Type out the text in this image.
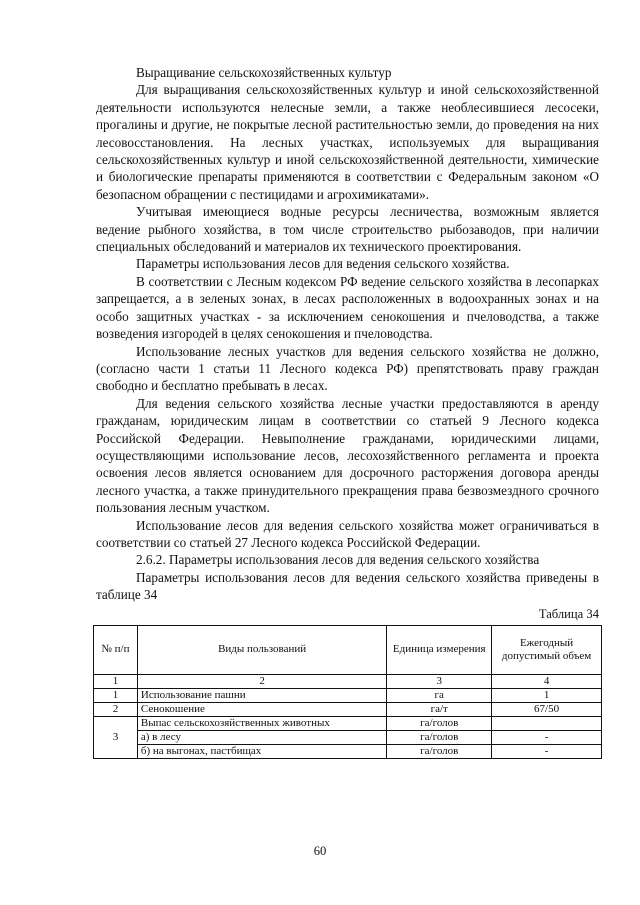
Выращивание сельскохозяйственных культур

Для выращивания сельскохозяйственных культур и иной сельскохозяйственной деятельности используются нелесные земли, а также необлесившиеся лесосеки, прогалины и другие, не покрытые лесной растительностью земли, до проведения на них лесовосстановления. На лесных участках, используемых для выращивания сельскохозяйственных культур и иной сельскохозяйственной деятельности, химические и биологические препараты применяются в соответствии с Федеральным законом «О безопасном обращении с пестицидами и агрохимикатами».

Учитывая имеющиеся водные ресурсы лесничества, возможным является ведение рыбного хозяйства, в том числе строительство рыбозаводов, при наличии специальных обследований и материалов их технического проектирования.

Параметры использования лесов для ведения сельского хозяйства.

В соответствии с Лесным кодексом РФ ведение сельского хозяйства в лесопарках запрещается, а в зеленых зонах, в лесах расположенных в водоохранных зонах и на особо защитных участках - за исключением сенокошения и пчеловодства, а также возведения изгородей в целях сенокошения и пчеловодства.

Использование лесных участков для ведения сельского хозяйства не должно, (согласно части 1 статьи 11 Лесного кодекса РФ) препятствовать праву граждан свободно и бесплатно пребывать в лесах.

Для ведения сельского хозяйства лесные участки предоставляются в аренду гражданам, юридическим лицам в соответствии со статьей 9 Лесного кодекса Российской Федерации. Невыполнение гражданами, юридическими лицами, осуществляющими использование лесов, лесохозяйственного регламента и проекта освоения лесов является основанием для досрочного расторжения договора аренды лесного участка, а также принудительного прекращения права безвозмездного срочного пользования лесным участком.

Использование лесов для ведения сельского хозяйства может ограничиваться в соответствии со статьей 27 Лесного кодекса Российской Федерации.

2.6.2. Параметры использования лесов для ведения сельского хозяйства

Параметры использования лесов для ведения сельского хозяйства приведены в таблице 34

Таблица 34
№ п/п	Виды пользований	Единица измерения	Ежегодный допустимый объем
1	2	3	4
1	Использование пашни	га	1
2	Сенокошение	га/т	67/50
3	Выпас сельскохозяйственных животных	га/голов	
	а) в лесу	га/голов	-
	б) на выгонах, пастбищах	га/голов	-
60
